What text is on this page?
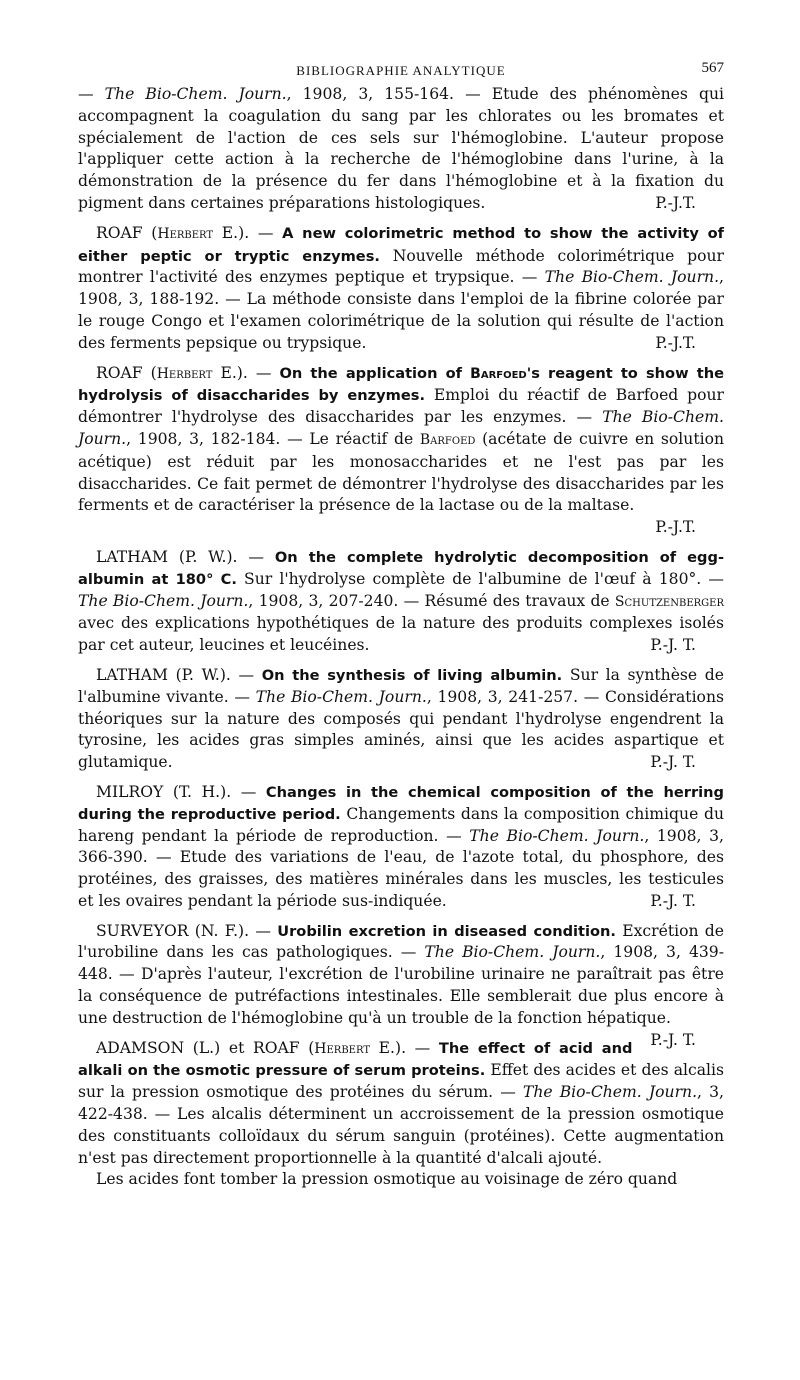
BIBLIOGRAPHIE ANALYTIQUE	567

— The Bio-Chem. Journ., 1908, 3, 155-164. — Etude des phénomènes qui accompagnent la coagulation du sang par les chlorates ou les bromates et spécialement de l'action de ces sels sur l'hémoglobine. L'auteur propose l'appliquer cette action à la recherche de l'hémoglobine dans l'urine, à la démonstration de la présence du fer dans l'hémoglobine et à la fixation du pigment dans certaines préparations histologiques.	P.-J.T.

ROAF (Herbert E.). — A new colorimetric method to show the activity of either peptic or tryptic enzymes. Nouvelle méthode colorimétrique pour montrer l'activité des enzymes peptique et trypsique. — The Bio-Chem. Journ., 1908, 3, 188-192. — La méthode consiste dans l'emploi de la fibrine colorée par le rouge Congo et l'examen colorimétrique de la solution qui résulte de l'action des ferments pepsique ou trypsique.	P.-J.T.

ROAF (Herbert E.). — On the application of Barfoed's reagent to show the hydrolysis of disaccharides by enzymes. Emploi du réactif de Barfoed pour démontrer l'hydrolyse des disaccharides par les enzymes. — The Bio-Chem. Journ., 1908, 3, 182-184. — Le réactif de Barfoed (acétate de cuivre en solution acétique) est réduit par les monosaccharides et ne l'est pas par les disaccharides. Ce fait permet de démontrer l'hydrolyse des disaccharides par les ferments et de caractériser la présence de la lactase ou de la maltase.

P.-J.T.

LATHAM (P. W.). — On the complete hydrolytic decomposition of egg-albumin at 180° C. Sur l'hydrolyse complète de l'albumine de l'œuf à 180°. — The Bio-Chem. Journ., 1908, 3, 207-240. — Résumé des travaux de Schutzenberger avec des explications hypothétiques de la nature des produits complexes isolés par cet auteur, leucines et leucéines.	P.-J. T.

LATHAM (P. W.). — On the synthesis of living albumin. Sur la synthèse de l'albumine vivante. — The Bio-Chem. Journ., 1908, 3, 241-257. — Considérations théoriques sur la nature des composés qui pendant l'hydrolyse engendrent la tyrosine, les acides gras simples aminés, ainsi que les acides aspartique et glutamique.	P.-J. T.

MILROY (T. H.). — Changes in the chemical composition of the herring during the reproductive period. Changements dans la composition chimique du hareng pendant la période de reproduction. — The Bio-Chem. Journ., 1908, 3, 366-390. — Etude des variations de l'eau, de l'azote total, du phosphore, des protéines, des graisses, des matières minérales dans les muscles, les testicules et les ovaires pendant la période sus-indiquée.	P.-J. T.

SURVEYOR (N. F.). — Urobilin excretion in diseased condition. Excrétion de l'urobiline dans les cas pathologiques. — The Bio-Chem. Journ., 1908, 3, 439-448. — D'après l'auteur, l'excrétion de l'urobiline urinaire ne paraîtrait pas être la conséquence de putréfactions intestinales. Elle semblerait due plus encore à une destruction de l'hémoglobine qu'à un trouble de la fonction hépatique.
P.-J. T.

ADAMSON (L.) et ROAF (Herbert E.). — The effect of acid and alkali on the osmotic pressure of serum proteins. Effet des acides et des alcalis sur la pression osmotique des protéines du sérum. — The Bio-Chem. Journ., 3, 422-438. — Les alcalis déterminent un accroissement de la pression osmotique des constituants colloïdaux du sérum sanguin (protéines). Cette augmentation n'est pas directement proportionnelle à la quantité d'alcali ajouté.

Les acides font tomber la pression osmotique au voisinage de zéro quand
